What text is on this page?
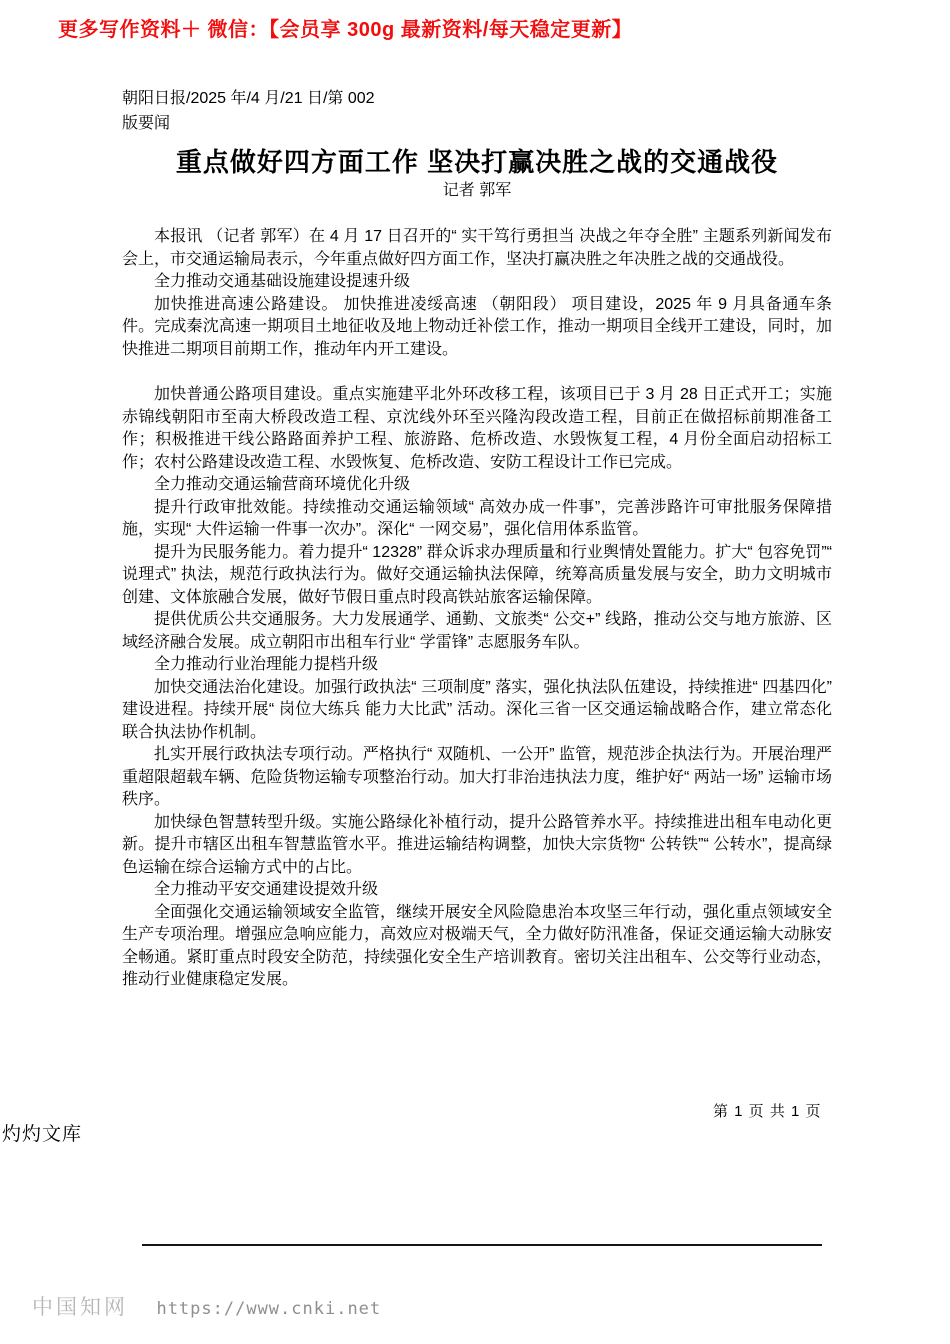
更多写作资料＋ 微信：【会员享 300g 最新资料/每天稳定更新】
朝阳日报/2025 年/4 月/21 日/第 002
版要闻
重点做好四方面工作 坚决打赢决胜之战的交通战役
记者 郭军

本报讯 （记者 郭军）在 4 月 17 日召开的“ 实干笃行勇担当 决战之年夺全胜” 主题系列新闻发布会上，市交通运输局表示，今年重点做好四方面工作，坚决打赢决胜之年决胜之战的交通战役。

全力推动交通基础设施建设提速升级

加快推进高速公路建设。 加快推进凌绥高速 （朝阳段） 项目建设，2025 年 9 月具备通车条件。完成秦沈高速一期项目土地征收及地上物动迁补偿工作，推动一期项目全线开工建设，同时，加快推进二期项目前期工作，推动年内开工建设。

加快普通公路项目建设。重点实施建平北外环改移工程，该项目已于 3 月 28 日正式开工；实施赤锦线朝阳市至南大桥段改造工程、京沈线外环至兴隆沟段改造工程，目前正在做招标前期准备工作；积极推进干线公路路面养护工程、旅游路、危桥改造、水毁恢复工程，4 月份全面启动招标工作；农村公路建设改造工程、水毁恢复、危桥改造、安防工程设计工作已完成。

全力推动交通运输营商环境优化升级

提升行政审批效能。持续推动交通运输领域“ 高效办成一件事”，完善涉路许可审批服务保障措施，实现“ 大件运输一件事一次办”。深化“ 一网交易”，强化信用体系监管。

提升为民服务能力。着力提升“ 12328” 群众诉求办理质量和行业舆情处置能力。扩大“ 包容免罚”“ 说理式” 执法，规范行政执法行为。做好交通运输执法保障，统筹高质量发展与安全，助力文明城市创建、文体旅融合发展，做好节假日重点时段高铁站旅客运输保障。

提供优质公共交通服务。大力发展通学、通勤、文旅类“ 公交+” 线路，推动公交与地方旅游、区域经济融合发展。成立朝阳市出租车行业“ 学雷锋” 志愿服务车队。

全力推动行业治理能力提档升级

加快交通法治化建设。加强行政执法“ 三项制度” 落实，强化执法队伍建设，持续推进“ 四基四化” 建设进程。持续开展“ 岗位大练兵 能力大比武” 活动。深化三省一区交通运输战略合作，建立常态化联合执法协作机制。

扎实开展行政执法专项行动。严格执行“ 双随机、一公开” 监管，规范涉企执法行为。开展治理严重超限超载车辆、危险货物运输专项整治行动。加大打非治违执法力度，维护好“ 两站一场” 运输市场秩序。

加快绿色智慧转型升级。实施公路绿化补植行动，提升公路管养水平。持续推进出租车电动化更新。提升市辖区出租车智慧监管水平。推进运输结构调整，加快大宗货物“ 公转铁”“ 公转水”，提高绿色运输在综合运输方式中的占比。

全力推动平安交通建设提效升级

全面强化交通运输领域安全监管，继续开展安全风险隐患治本攻坚三年行动，强化重点领域安全生产专项治理。增强应急响应能力，高效应对极端天气，全力做好防汛准备，保证交通运输大动脉安全畅通。紧盯重点时段安全防范，持续强化安全生产培训教育。密切关注出租车、公交等行业动态，推动行业健康稳定发展。

第 1 页 共 1 页
灼灼文库
中国知网 https://www.cnki.net
